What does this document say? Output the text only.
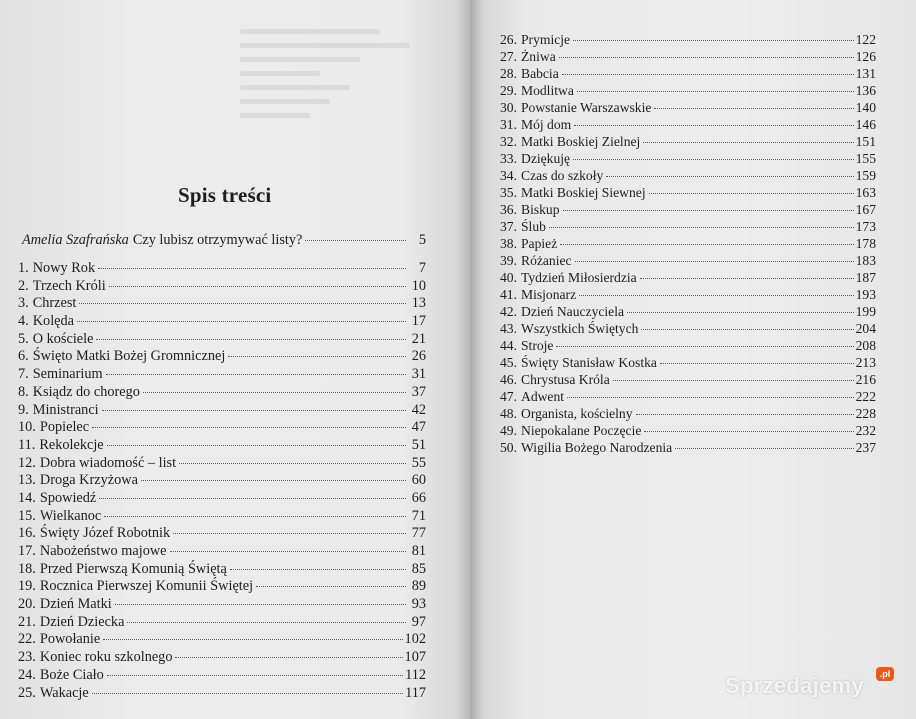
Spis treści
Amelia Szafrańska Czy lubisz otrzymywać listy?	5
1. Nowy Rok	7
2. Trzech Króli	10
3. Chrzest	13
4. Kolęda	17
5. O kościele	21
6. Święto Matki Bożej Gromnicznej	26
7. Seminarium	31
8. Ksiądz do chorego	37
9. Ministranci	42
10. Popielec	47
11. Rekolekcje	51
12. Dobra wiadomość – list	55
13. Droga Krzyżowa	60
14. Spowiedź	66
15. Wielkanoc	71
16. Święty Józef Robotnik	77
17. Nabożeństwo majowe	81
18. Przed Pierwszą Komunią Świętą	85
19. Rocznica Pierwszej Komunii Świętej	89
20. Dzień Matki	93
21. Dzień Dziecka	97
22. Powołanie	102
23. Koniec roku szkolnego	107
24. Boże Ciało	112
25. Wakacje	117
26. Prymicje	122
27. Żniwa	126
28. Babcia	131
29. Modlitwa	136
30. Powstanie Warszawskie	140
31. Mój dom	146
32. Matki Boskiej Zielnej	151
33. Dziękuję	155
34. Czas do szkoły	159
35. Matki Boskiej Siewnej	163
36. Biskup	167
37. Ślub	173
38. Papież	178
39. Różaniec	183
40. Tydzień Miłosierdzia	187
41. Misjonarz	193
42. Dzień Nauczyciela	199
43. Wszystkich Świętych	204
44. Stroje	208
45. Święty Stanisław Kostka	213
46. Chrystusa Króla	216
47. Adwent	222
48. Organista, kościelny	228
49. Niepokalane Poczęcie	232
50. Wigilia Bożego Narodzenia	237
Sprzedajemy	.pl
